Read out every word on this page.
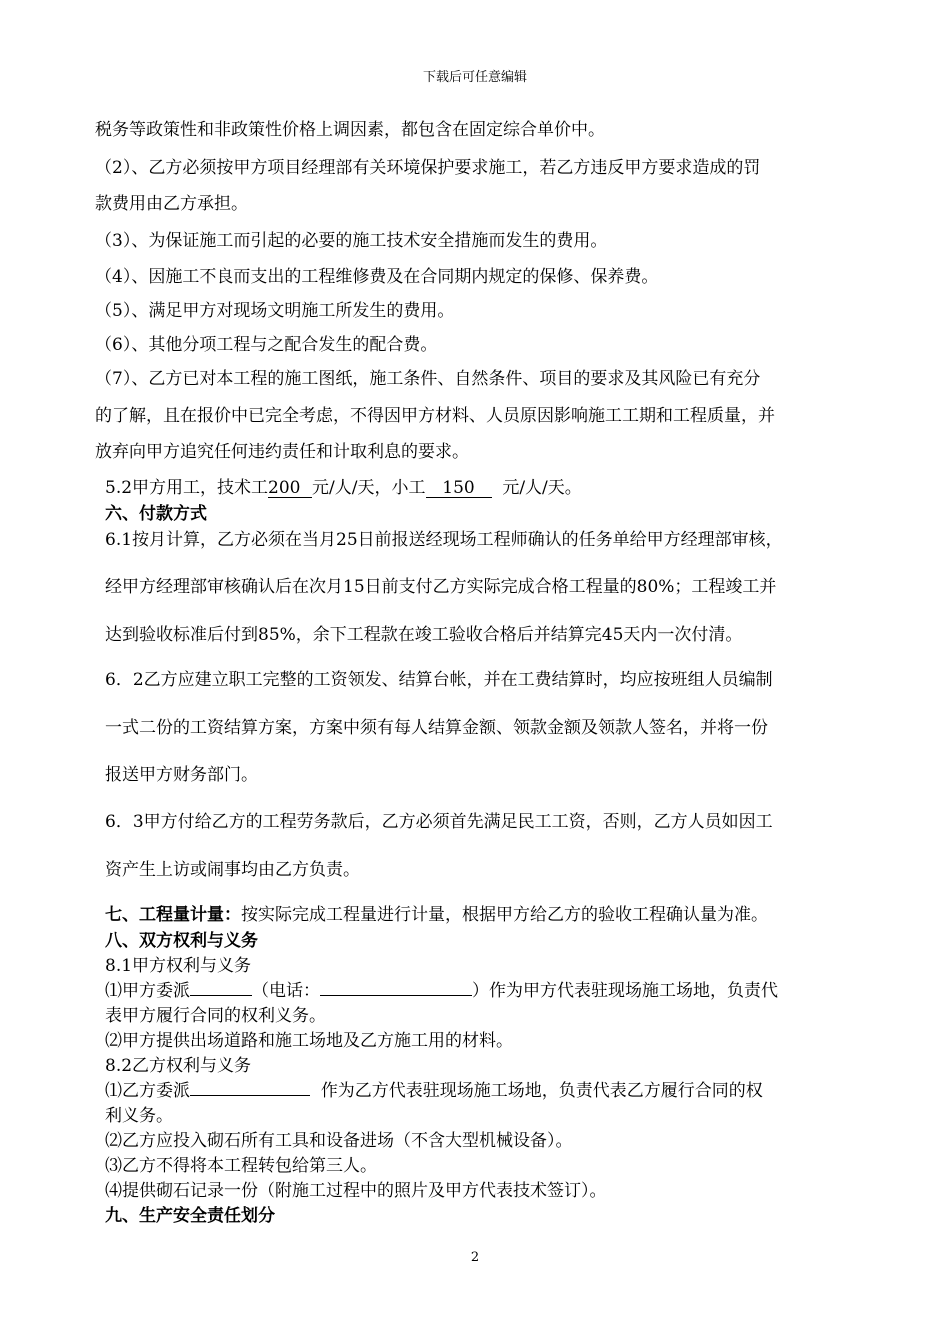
下载后可任意编辑
税务等政策性和非政策性价格上调因素，都包含在固定综合单价中。
（2）、乙方必须按甲方项目经理部有关环境保护要求施工，若乙方违反甲方要求造成的罚
款费用由乙方承担。
（3）、为保证施工而引起的必要的施工技术安全措施而发生的费用。
（4）、因施工不良而支出的工程维修费及在合同期内规定的保修、保养费。
（5）、满足甲方对现场文明施工所发生的费用。
（6）、其他分项工程与之配合发生的配合费。
（7）、乙方已对本工程的施工图纸，施工条件、自然条件、项目的要求及其风险已有充分
的了解，且在报价中已完全考虑，不得因甲方材料、人员原因影响施工工期和工程质量，并
放弃向甲方追究任何违约责任和计取利息的要求。
5.2甲方用工，技术工200 元/人/天，小工 150 元/人/天。
六、付款方式
6.1按月计算，乙方必须在当月25日前报送经现场工程师确认的任务单给甲方经理部审核，
经甲方经理部审核确认后在次月15日前支付乙方实际完成合格工程量的80%；工程竣工并
达到验收标准后付到85%，余下工程款在竣工验收合格后并结算完45天内一次付清。
6．2乙方应建立职工完整的工资领发、结算台帐，并在工费结算时，均应按班组人员编制
一式二份的工资结算方案，方案中须有每人结算金额、领款金额及领款人签名，并将一份
报送甲方财务部门。
6．3甲方付给乙方的工程劳务款后，乙方必须首先满足民工工资，否则，乙方人员如因工
资产生上访或闹事均由乙方负责。
七、工程量计量：按实际完成工程量进行计量，根据甲方给乙方的验收工程确认量为准。
八、双方权利与义务
8.1甲方权利与义务
⑴甲方委派	（电话：	）作为甲方代表驻现场施工场地，负责代
表甲方履行合同的权利义务。
⑵甲方提供出场道路和施工场地及乙方施工用的材料。
8.2乙方权利与义务
⑴乙方委派	作为乙方代表驻现场施工场地，负责代表乙方履行合同的权
利义务。
⑵乙方应投入砌石所有工具和设备进场（不含大型机械设备）。
⑶乙方不得将本工程转包给第三人。
⑷提供砌石记录一份（附施工过程中的照片及甲方代表技术签订）。
九、生产安全责任划分
2
